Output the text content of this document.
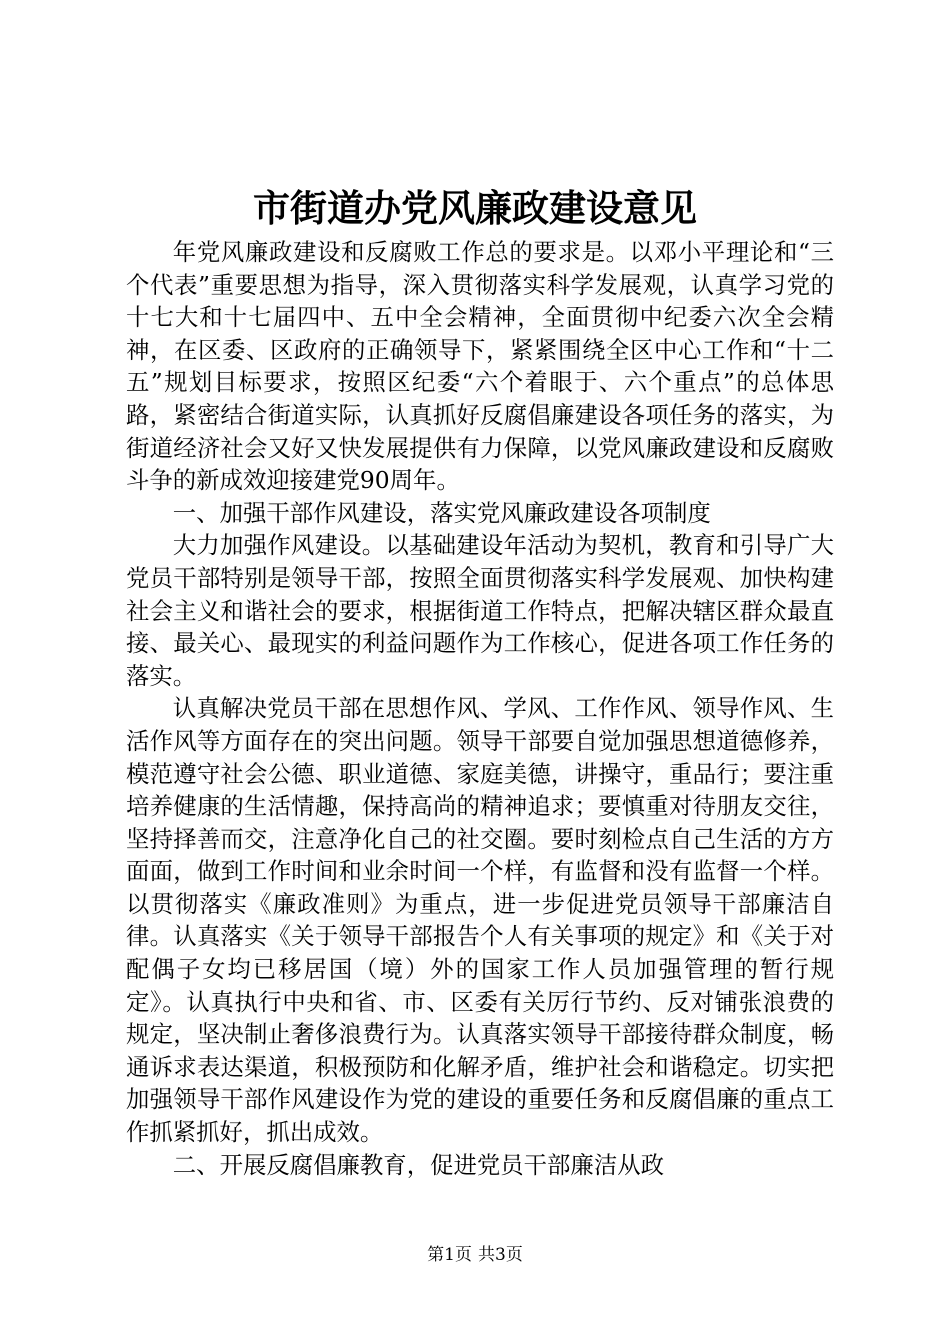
市街道办党风廉政建设意见

年党风廉政建设和反腐败工作总的要求是。以邓小平理论和“三个代表”重要思想为指导，深入贯彻落实科学发展观，认真学习党的十七大和十七届四中、五中全会精神，全面贯彻中纪委六次全会精神，在区委、区政府的正确领导下，紧紧围绕全区中心工作和“十二五”规划目标要求，按照区纪委“六个着眼于、六个重点”的总体思路，紧密结合街道实际，认真抓好反腐倡廉建设各项任务的落实，为街道经济社会又好又快发展提供有力保障，以党风廉政建设和反腐败斗争的新成效迎接建党90周年。

一、加强干部作风建设，落实党风廉政建设各项制度

大力加强作风建设。以基础建设年活动为契机，教育和引导广大党员干部特别是领导干部，按照全面贯彻落实科学发展观、加快构建社会主义和谐社会的要求，根据街道工作特点，把解决辖区群众最直接、最关心、最现实的利益问题作为工作核心，促进各项工作任务的落实。

认真解决党员干部在思想作风、学风、工作作风、领导作风、生活作风等方面存在的突出问题。领导干部要自觉加强思想道德修养，模范遵守社会公德、职业道德、家庭美德，讲操守，重品行；要注重培养健康的生活情趣，保持高尚的精神追求；要慎重对待朋友交往，坚持择善而交，注意净化自己的社交圈。要时刻检点自己生活的方方面面，做到工作时间和业余时间一个样，有监督和没有监督一个样。以贯彻落实《廉政准则》为重点，进一步促进党员领导干部廉洁自律。认真落实《关于领导干部报告个人有关事项的规定》和《关于对配偶子女均已移居国（境）外的国家工作人员加强管理的暂行规定》。认真执行中央和省、市、区委有关厉行节约、反对铺张浪费的规定，坚决制止奢侈浪费行为。认真落实领导干部接待群众制度，畅通诉求表达渠道，积极预防和化解矛盾，维护社会和谐稳定。切实把加强领导干部作风建设作为党的建设的重要任务和反腐倡廉的重点工作抓紧抓好，抓出成效。

二、开展反腐倡廉教育，促进党员干部廉洁从政

第1页 共3页
